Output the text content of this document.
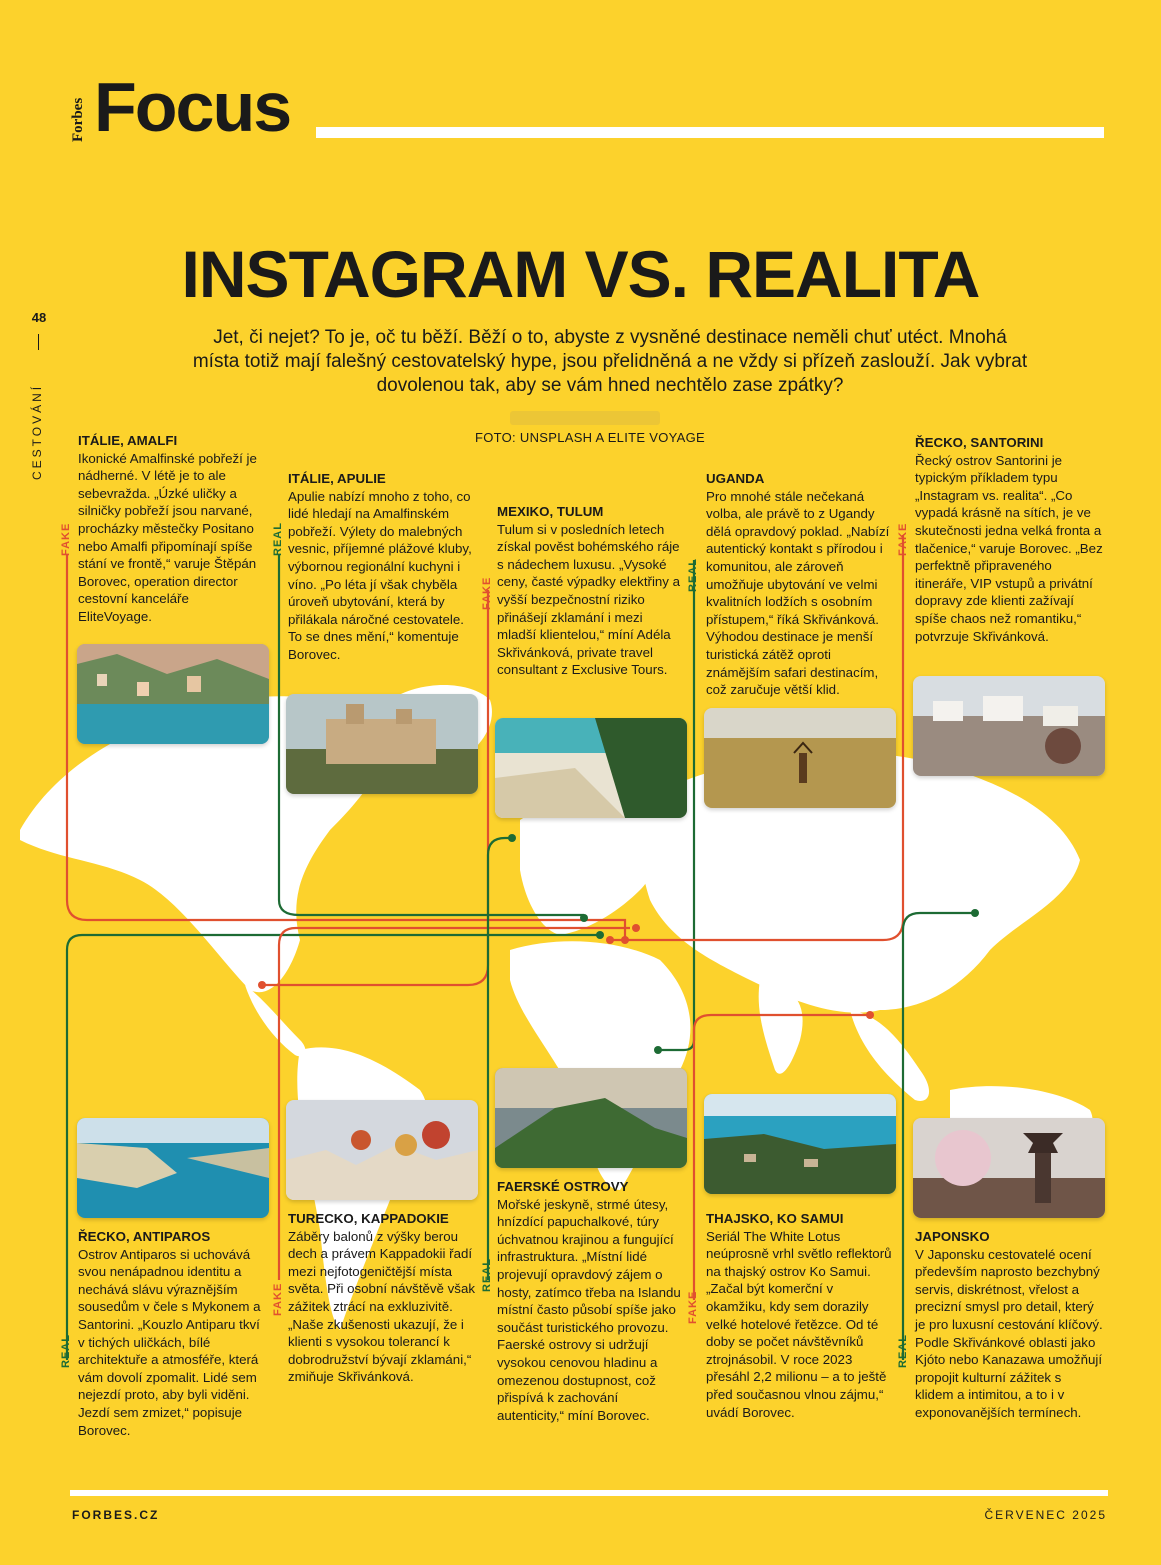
Forbes Focus
48
CESTOVÁNÍ
INSTAGRAM VS. REALITA
Jet, či nejet? To je, oč tu běží. Běží o to, abyste z vysněné destinace neměli chuť utéct. Mnohá místa totiž mají falešný cestovatelský hype, jsou přelidněná a ne vždy si přízeň zaslouží. Jak vybrat dovolenou tak, aby se vám hned nechtělo zase zpátky?
FOTO: UNSPLASH A ELITE VOYAGE
ITÁLIE, AMALFI

Ikonické Amalfinské pobřeží je nádherné. V létě je to ale sebevražda. „Úzké uličky a silničky pobřeží jsou narvané, procházky městečky Positano nebo Amalfi připomínají spíše stání ve frontě,“ varuje Štěpán Borovec, operation director cestovní kanceláře EliteVoyage.

ITÁLIE, APULIE

Apulie nabízí mnoho z toho, co lidé hledají na Amalfinském pobřeží. Výlety do malebných vesnic, příjemné plážové kluby, výbornou regionální kuchyni i víno. „Po léta jí však chyběla úroveň ubytování, která by přilákala náročné cestovatele. To se dnes mění,“ komentuje Borovec.

MEXIKO, TULUM

Tulum si v posledních letech získal pověst bohémského ráje s nádechem luxusu. „Vysoké ceny, časté výpadky elektřiny a vyšší bezpečnostní riziko přinášejí zklamání i mezi mladší klientelou,“ míní Adéla Skřivánková, private travel consultant z Exclusive Tours.

UGANDA

Pro mnohé stále nečekaná volba, ale právě to z Ugandy dělá opravdový poklad. „Nabízí autentický kontakt s přírodou i komunitou, ale zároveň umožňuje ubytování ve velmi kvalitních lodžích s osobním přístupem,“ říká Skřivánková. Výhodou destinace je menší turistická zátěž oproti známějším safari destinacím, což zaručuje větší klid.

ŘECKO, SANTORINI

Řecký ostrov Santorini je typickým příkladem typu „Instagram vs. realita“. „Co vypadá krásně na sítích, je ve skutečnosti jedna velká fronta a tlačenice,“ varuje Borovec. „Bez perfektně připraveného itineráře, VIP vstupů a privátní dopravy zde klienti zažívají spíše chaos než romantiku,“ potvrzuje Skřivánková.

ŘECKO, ANTIPAROS

Ostrov Antiparos si uchovává svou nenápadnou identitu a nechává slávu výraznějším sousedům v čele s Mykonem a Santorini. „Kouzlo Antiparu tkví v tichých uličkách, bílé architektuře a atmosféře, která vám dovolí zpomalit. Lidé sem nejezdí proto, aby byli viděni. Jezdí sem zmizet,“ popisuje Borovec.

TURECKO, KAPPADOKIE

Záběry balonů z výšky berou dech a právem Kappadokii řadí mezi nejfotogeničtější místa světa. Při osobní návštěvě však zážitek ztrácí na exkluzivitě. „Naše zkušenosti ukazují, že i klienti s vysokou tolerancí k dobrodružství bývají zklamáni,“ zmiňuje Skřivánková.

FAERSKÉ OSTROVY

Mořské jeskyně, strmé útesy, hnízdící papuchalkové, túry úchvatnou krajinou a fungující infrastruktura. „Místní lidé projevují opravdový zájem o hosty, zatímco třeba na Islandu místní často působí spíše jako součást turistického provozu. Faerské ostrovy si udržují vysokou cenovou hladinu a omezenou dostupnost, což přispívá k zachování autenticity,“ míní Borovec.

THAJSKO, KO SAMUI

Seriál The White Lotus neúprosně vrhl světlo reflektorů na thajský ostrov Ko Samui. „Začal být komerční v okamžiku, kdy sem dorazily velké hotelové řetězce. Od té doby se počet návštěvníků ztrojnásobil. V roce 2023 přesáhl 2,2 milionu – a to ještě před současnou vlnou zájmu,“ uvádí Borovec.

JAPONSKO

V Japonsku cestovatelé ocení především naprosto bezchybný servis, diskrétnost, vřelost a precizní smysl pro detail, který je pro luxusní cestování klíčový. Podle Skřivánkové oblasti jako Kjóto nebo Kanazawa umožňují propojit kulturní zážitek s klidem a intimitou, a to i v exponovanějších termínech.

FAKE	REAL
FAKE
REAL
FAKE
REAL
FAKE
REAL
FAKE
REAL
FORBES.CZ	ČERVENEC 2025
